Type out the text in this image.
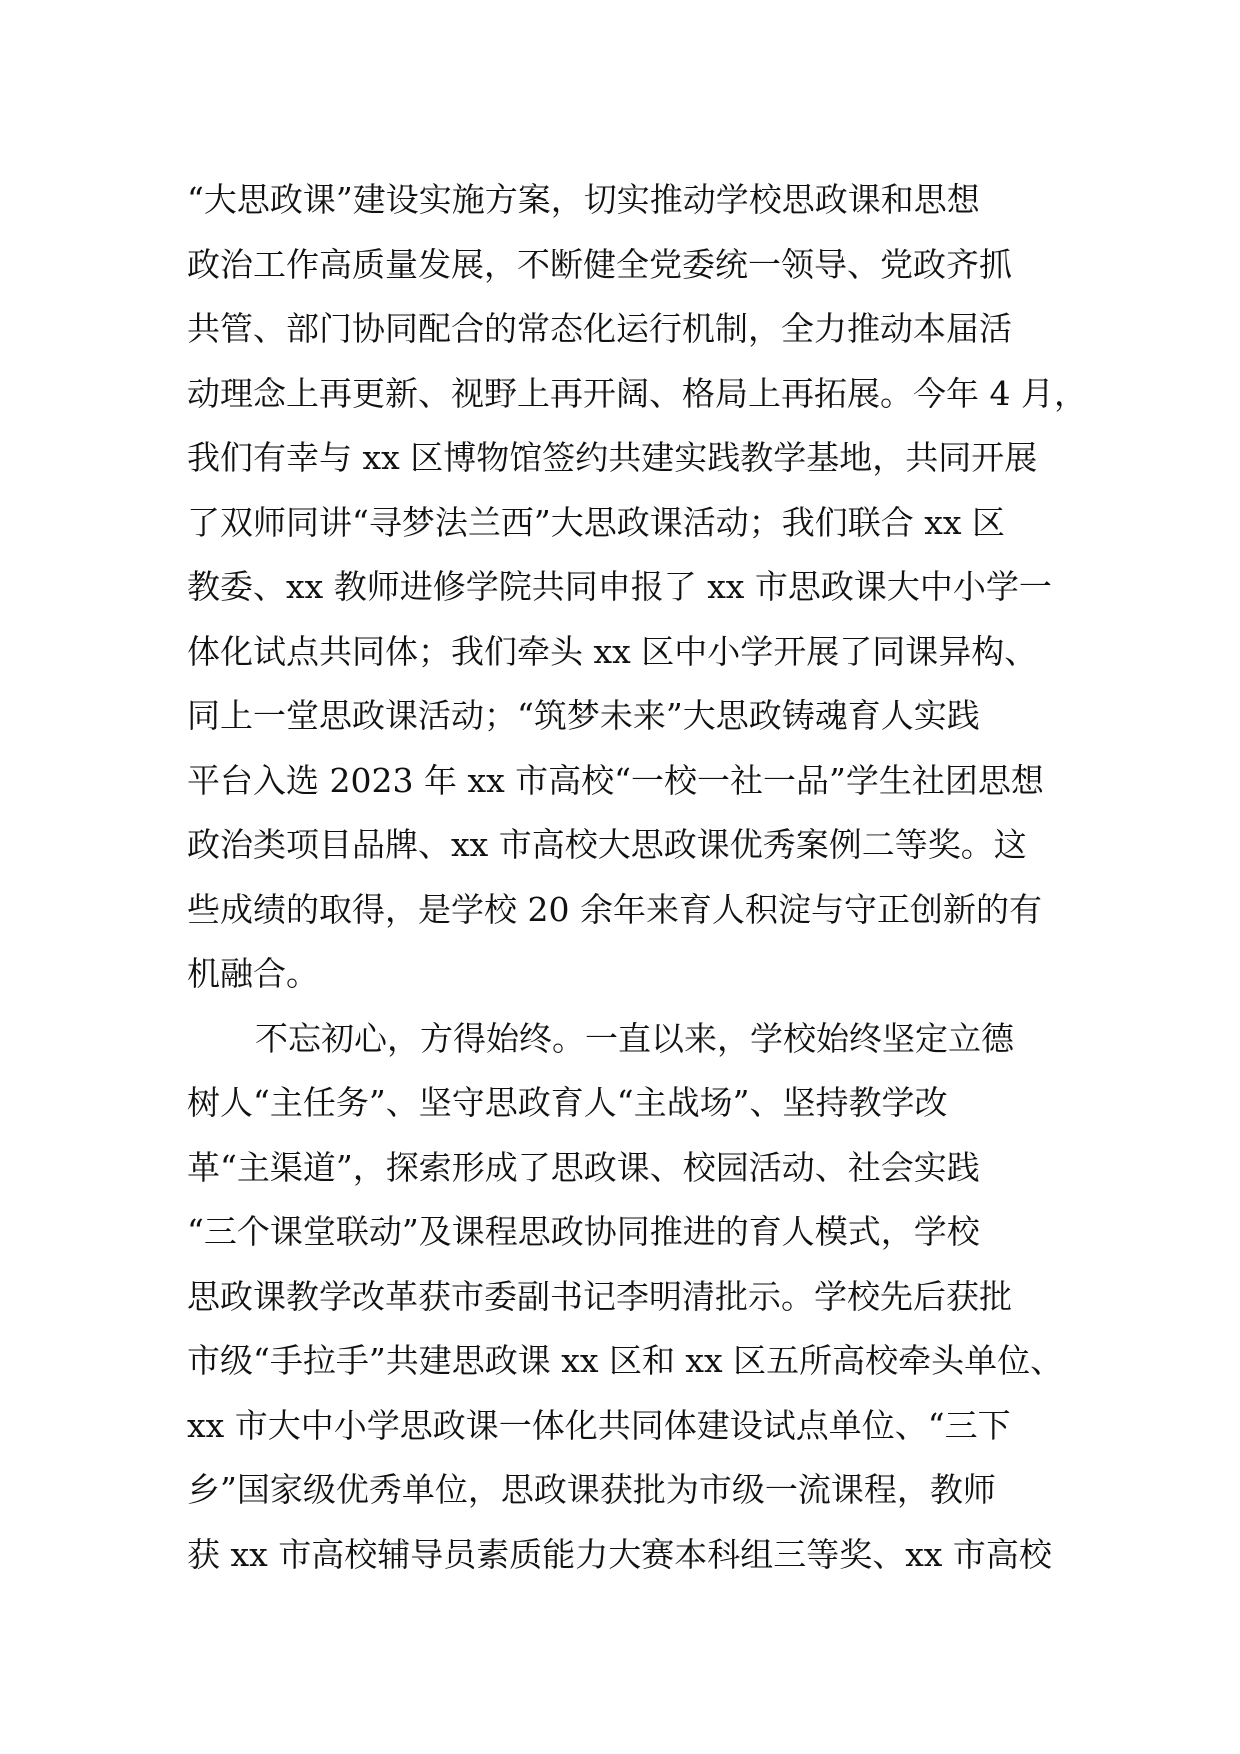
“大思政课”建设实施方案，切实推动学校思政课和思想
政治工作高质量发展，不断健全党委统一领导、党政齐抓
共管、部门协同配合的常态化运行机制，全力推动本届活
动理念上再更新、视野上再开阔、格局上再拓展。今年 4 月，
我们有幸与 xx 区博物馆签约共建实践教学基地，共同开展
了双师同讲“寻梦法兰西”大思政课活动；我们联合 xx 区
教委、xx 教师进修学院共同申报了 xx 市思政课大中小学一
体化试点共同体；我们牵头 xx 区中小学开展了同课异构、
同上一堂思政课活动；“筑梦未来”大思政铸魂育人实践
平台入选 2023 年 xx 市高校“一校一社一品”学生社团思想
政治类项目品牌、xx 市高校大思政课优秀案例二等奖。这
些成绩的取得，是学校 20 余年来育人积淀与守正创新的有
机融合。
不忘初心，方得始终。一直以来，学校始终坚定立德
树人“主任务”、坚守思政育人“主战场”、坚持教学改
革“主渠道”，探索形成了思政课、校园活动、社会实践
“三个课堂联动”及课程思政协同推进的育人模式，学校
思政课教学改革获市委副书记李明清批示。学校先后获批
市级“手拉手”共建思政课 xx 区和 xx 区五所高校牵头单位、
xx 市大中小学思政课一体化共同体建设试点单位、“三下
乡”国家级优秀单位，思政课获批为市级一流课程，教师
获 xx 市高校辅导员素质能力大赛本科组三等奖、xx 市高校
